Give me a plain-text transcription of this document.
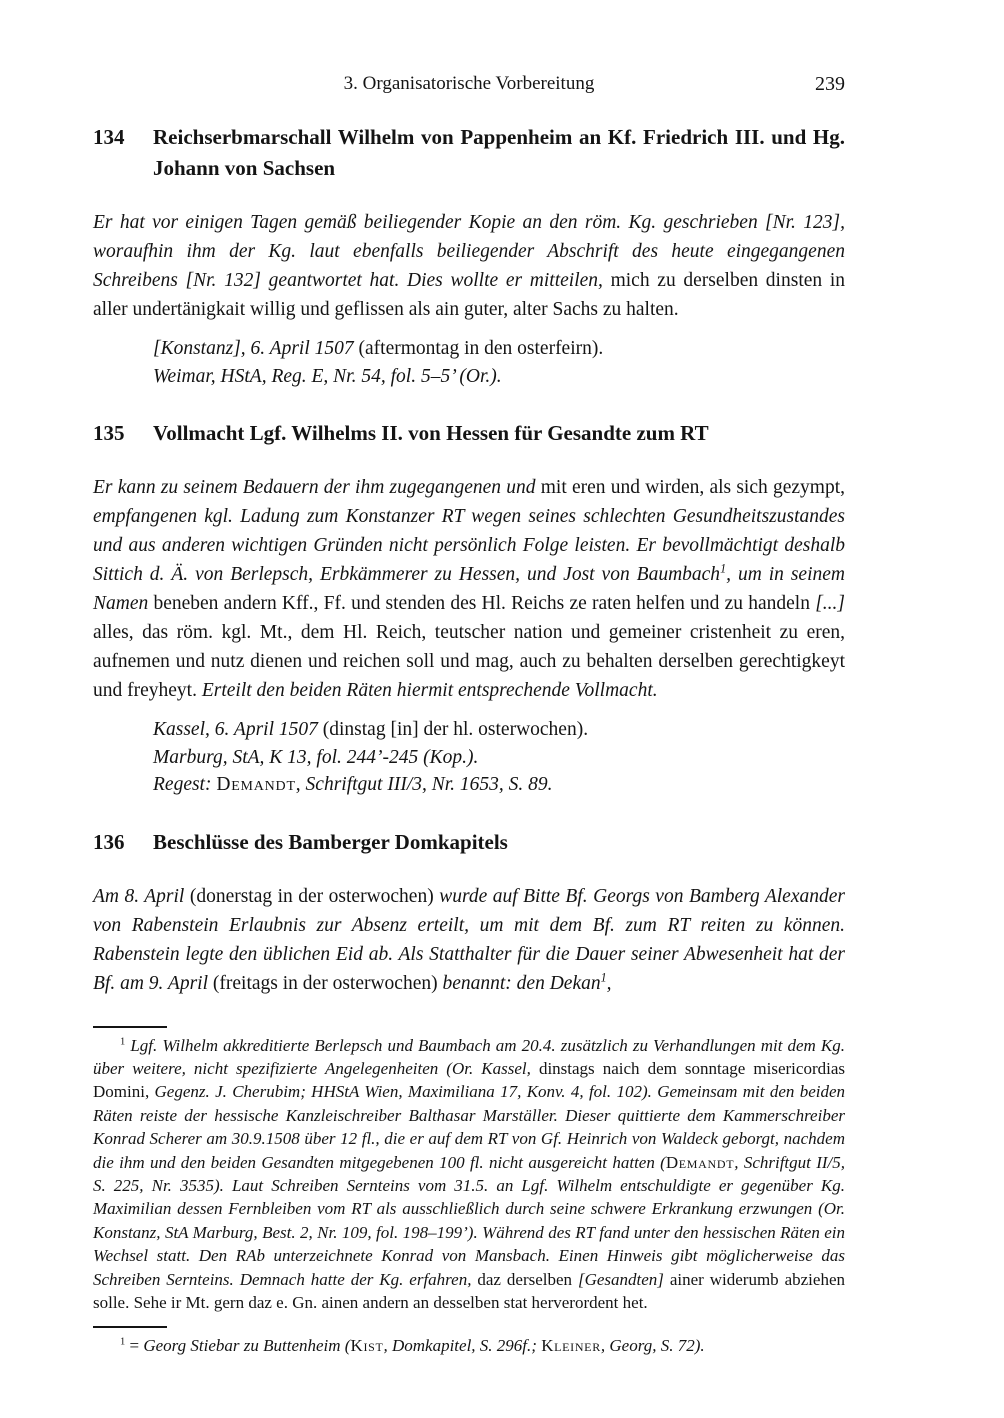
3. Organisatorische Vorbereitung	239
134	Reichserbmarschall Wilhelm von Pappenheim an Kf. Friedrich III. und Hg. Johann von Sachsen

Er hat vor einigen Tagen gemäß beiliegender Kopie an den röm. Kg. geschrieben [Nr. 123], woraufhin ihm der Kg. laut ebenfalls beiliegender Abschrift des heute eingegangenen Schreibens [Nr. 132] geantwortet hat. Dies wollte er mitteilen, mich zu derselben dinsten in aller undertänigkait willig und geflissen als ain guter, alter Sachs zu halten.

[Konstanz], 6. April 1507 (aftermontag in den osterfeirn).
Weimar, HStA, Reg. E, Nr. 54, fol. 5–5’ (Or.).
135	Vollmacht Lgf. Wilhelms II. von Hessen für Gesandte zum RT

Er kann zu seinem Bedauern der ihm zugegangenen und mit eren und wirden, als sich gezympt, empfangenen kgl. Ladung zum Konstanzer RT wegen seines schlechten Gesundheitszustandes und aus anderen wichtigen Gründen nicht persönlich Folge leisten. Er bevollmächtigt deshalb Sittich d. Ä. von Berlepsch, Erbkämmerer zu Hessen, und Jost von Baumbach$^1$, um in seinem Namen beneben andern Kff., Ff. und stenden des Hl. Reichs ze raten helfen und zu handeln [...] alles, das röm. kgl. Mt., dem Hl. Reich, teutscher nation und gemeiner cristenheit zu eren, aufnemen und nutz dienen und reichen soll und mag, auch zu behalten derselben gerechtigkeyt und freyheyt. Erteilt den beiden Räten hiermit entsprechende Vollmacht.

Kassel, 6. April 1507 (dinstag [in] der hl. osterwochen).
Marburg, StA, K 13, fol. 244’-245 (Kop.).
Regest: Demandt, Schriftgut III/3, Nr. 1653, S. 89.
136	Beschlüsse des Bamberger Domkapitels

Am 8. April (donerstag in der osterwochen) wurde auf Bitte Bf. Georgs von Bamberg Alexander von Rabenstein Erlaubnis zur Absenz erteilt, um mit dem Bf. zum RT reiten zu können. Rabenstein legte den üblichen Eid ab. Als Statthalter für die Dauer seiner Abwesenheit hat der Bf. am 9. April (freitags in der osterwochen) benannt: den Dekan$^1$,

$^1$ Lgf. Wilhelm akkreditierte Berlepsch und Baumbach am 20.4. zusätzlich zu Verhandlungen mit dem Kg. über weitere, nicht spezifizierte Angelegenheiten (Or. Kassel, dinstags naich dem sonntage misericordias Domini, Gegenz. J. Cherubim; HHStA Wien, Maximiliana 17, Konv. 4, fol. 102). Gemeinsam mit den beiden Räten reiste der hessische Kanzleischreiber Balthasar Marställer. Dieser quittierte dem Kammerschreiber Konrad Scherer am 30.9.1508 über 12 fl., die er auf dem RT von Gf. Heinrich von Waldeck geborgt, nachdem die ihm und den beiden Gesandten mitgegebenen 100 fl. nicht ausgereicht hatten (Demandt, Schriftgut II/5, S. 225, Nr. 3535). Laut Schreiben Sernteins vom 31.5. an Lgf. Wilhelm entschuldigte er gegenüber Kg. Maximilian dessen Fernbleiben vom RT als ausschließlich durch seine schwere Erkrankung erzwungen (Or. Konstanz, StA Marburg, Best. 2, Nr. 109, fol. 198–199’). Während des RT fand unter den hessischen Räten ein Wechsel statt. Den RAb unterzeichnete Konrad von Mansbach. Einen Hinweis gibt möglicherweise das Schreiben Sernteins. Demnach hatte der Kg. erfahren, daz derselben [Gesandten] ainer widerumb abziehen solle. Sehe ir Mt. gern daz e. Gn. ainen andern an desselben stat herverordent het.

$^1$ = Georg Stiebar zu Buttenheim (Kist, Domkapitel, S. 296f.; Kleiner, Georg, S. 72).
